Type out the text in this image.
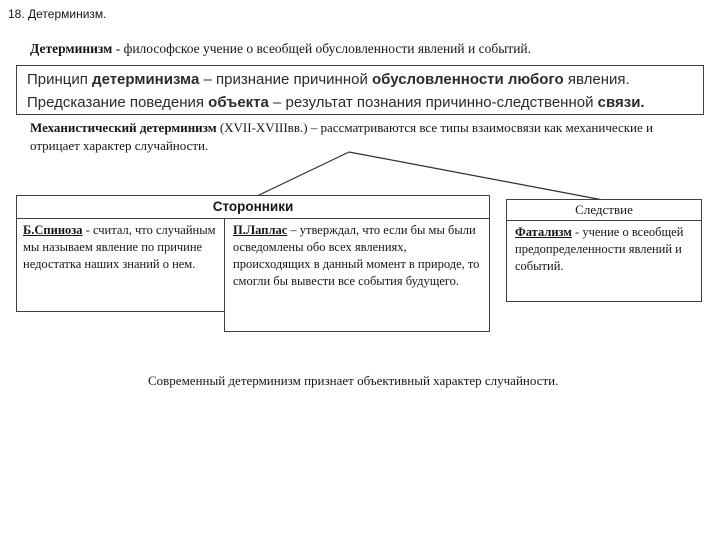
18. Детерминизм.
Детерминизм - философское учение о всеобщей обусловленности явлений и событий.
Принцип детерминизма – признание причинной обусловленности любого явления.
Предсказание поведения объекта – результат познания причинно-следственной связи.
Механистический детерминизм (XVII-XVIIIвв.) – рассматриваются все типы взаимосвязи как механические и отрицает характер случайности.
Сторонники	Следствие
Б.Спиноза - считал, что случайным мы называем явление по причине недостатка наших знаний о нем.
П.Лаплас – утверждал, что если бы мы были осведомлены обо всех явлениях, происходящих в данный момент в природе, то смогли бы вывести все события будущего.
Фатализм - учение о всеобщей предопределенности явлений и событий.
Современный детерминизм признает объективный характер случайности.
